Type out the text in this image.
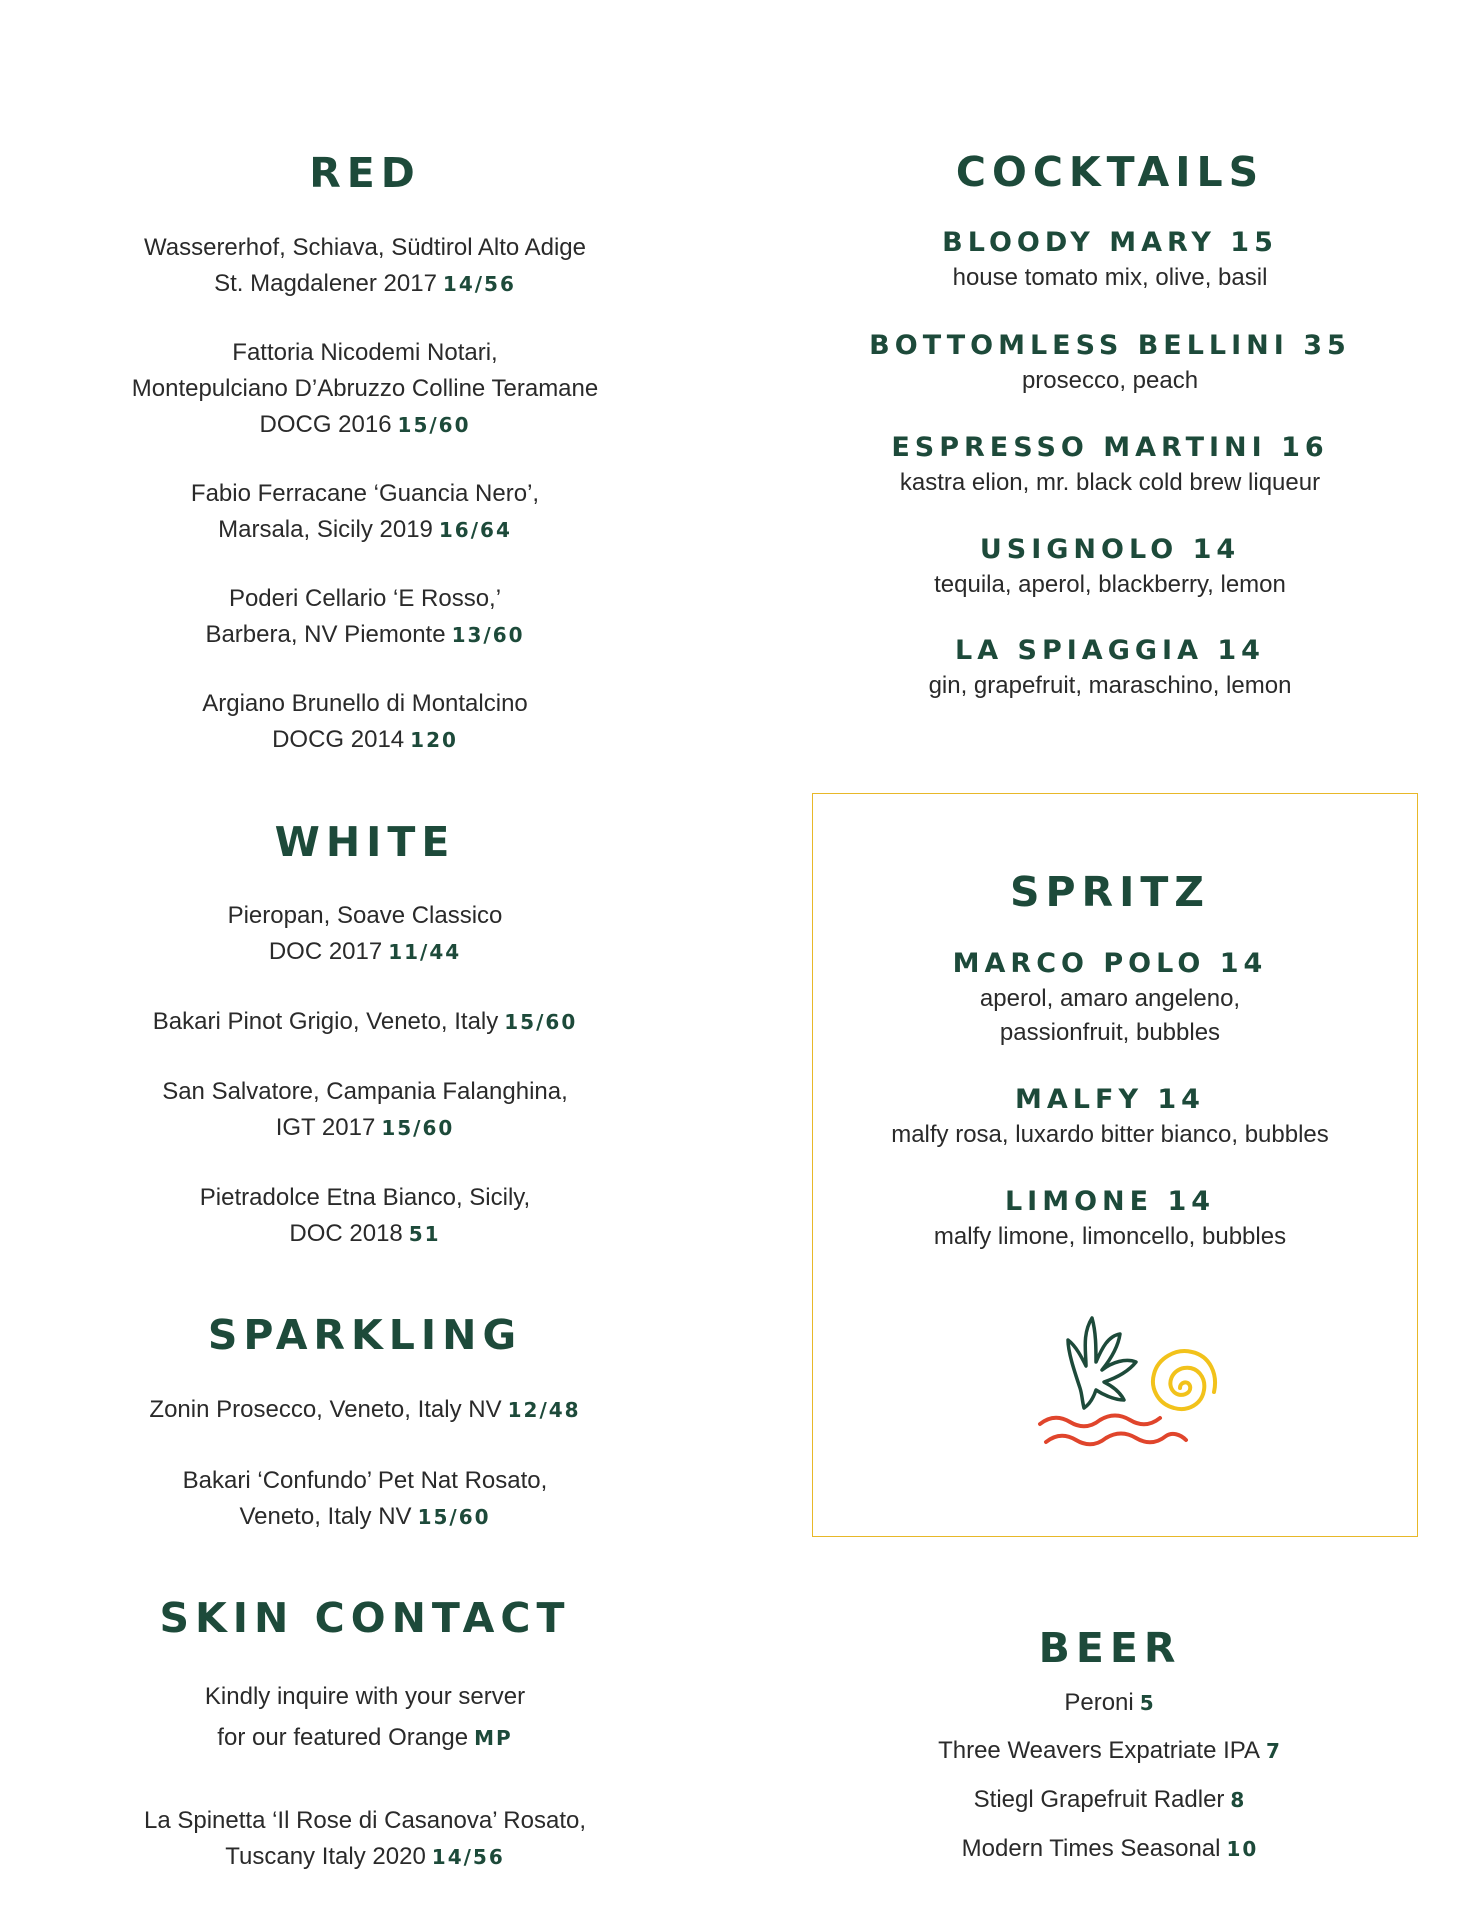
RED
Wassererhof, Schiava, Südtirol Alto Adige
St. Magdalener 2017 14/56
Fattoria Nicodemi Notari,
Montepulciano D’Abruzzo Colline Teramane
DOCG 2016 15/60
Fabio Ferracane ‘Guancia Nero’,
Marsala, Sicily 2019 16/64
Poderi Cellario ‘E Rosso,’
Barbera, NV Piemonte 13/60
Argiano Brunello di Montalcino
DOCG 2014 120
WHITE
Pieropan, Soave Classico
DOC 2017 11/44
Bakari Pinot Grigio, Veneto, Italy 15/60
San Salvatore, Campania Falanghina,
IGT 2017 15/60
Pietradolce Etna Bianco, Sicily,
DOC 2018 51
SPARKLING
Zonin Prosecco, Veneto, Italy NV 12/48
Bakari ‘Confundo’ Pet Nat Rosato,
Veneto, Italy NV 15/60
SKIN CONTACT
Kindly inquire with your server
for our featured Orange MP
La Spinetta ‘Il Rose di Casanova’ Rosato,
Tuscany Italy 2020 14/56
COCKTAILS
BLOODY MARY 15
house tomato mix, olive, basil
BOTTOMLESS BELLINI 35
prosecco, peach
ESPRESSO MARTINI 16
kastra elion, mr. black cold brew liqueur
USIGNOLO 14
tequila, aperol, blackberry, lemon
LA SPIAGGIA 14
gin, grapefruit, maraschino, lemon
SPRITZ
MARCO POLO 14
aperol, amaro angeleno,
passionfruit, bubbles
MALFY 14
malfy rosa, luxardo bitter bianco, bubbles
LIMONE 14
malfy limone, limoncello, bubbles
BEER
Peroni 5
Three Weavers Expatriate IPA 7
Stiegl Grapefruit Radler 8
Modern Times Seasonal 10
